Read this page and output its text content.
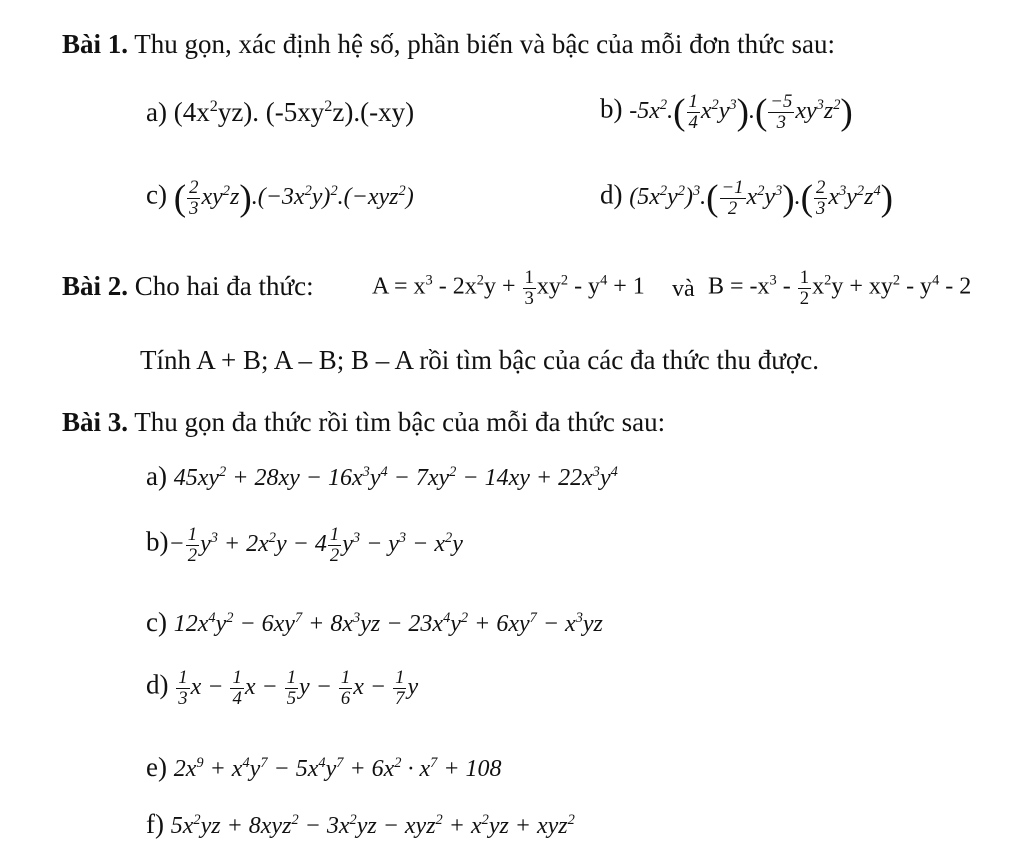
Bài 1. Thu gọn, xác định hệ số, phần biến và bậc của mỗi đơn thức sau:
a) $(4x^2yz)$. $(-5xy^2z).(-xy)$	b) $-5x^2.( \frac{1}{4} x^2y^3).( \frac{-5}{3} xy^3z^2)$
c) ( $\frac{2}{3} xy^2z).(-3x^2y)^2.(-xyz^2)$	d) $(5x^2y^2)^3.( \frac{-1}{2} x^2y^3).( \frac{2}{3} x^3y^2z^4)$
Bài 2. Cho hai đa thức: $A = x^3 - 2x^2y + \frac{1}{3} xy^2 - y^4 + 1$ và $B = -x^3 - \frac{1}{2} x^2y + xy^2 - y^4 - 2$
Tính A + B; A – B; B – A rồi tìm bậc của các đa thức thu được.
Bài 3. Thu gọn đa thức rồi tìm bậc của mỗi đa thức sau:
a) $45xy^2 + 28xy - 16x^3y^4 - 7xy^2 - 14xy + 22x^3y^4$
$b)- \frac{1}{2} y^3 + 2x^2y - 4 \frac{1}{2} y^3 - y^3 - x^2y$
c) $12x^4y^2 - 6xy^7 + 8x^3yz - 23x^4y^2 + 6xy^7 - x^3yz$
$d) \frac{1}{3}$ $x - \frac{1}{4}$ $x - \frac{1}{5}$ $y - \frac{1}{6}$ $x - \frac{1}{7}$ y
e) $2x^9 + x^4y^7 - 5x^4y^7 + 6x^2 \cdot x^7 + 108$
f) $5x^2yz + 8xyz^2 - 3x^2yz - xyz^2 + x^2yz + xyz^2$
